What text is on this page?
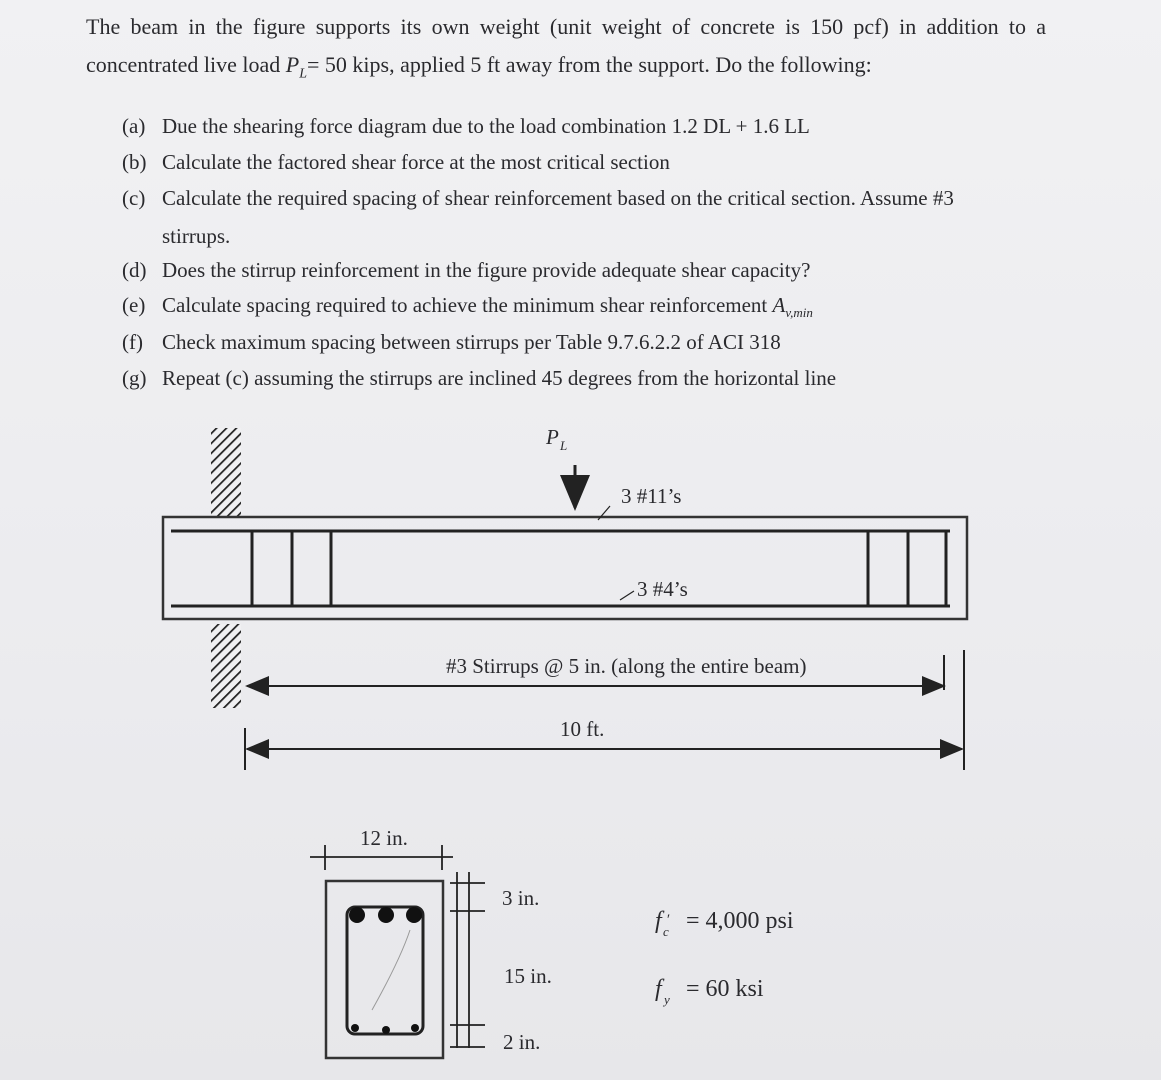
The beam in the figure supports its own weight (unit weight of concrete is 150 pcf) in addition to a concentrated live load $P_L= 50$ kips, applied 5 ft away from the support. Do the following:
(a) Due the shearing force diagram due to the load combination 1.2 DL + 1.6 LL
(b) Calculate the factored shear force at the most critical section
(c) Calculate the required spacing of shear reinforcement based on the critical section. Assume #3
stirrups.
(d) Does the stirrup reinforcement in the figure provide adequate shear capacity?
(e) Calculate spacing required to achieve the minimum shear reinforcement $A_{v,min}$
(f) Check maximum spacing between stirrups per Table 9.7.6.2.2 of ACI 318
(g) Repeat (c) assuming the stirrups are inclined 45 degrees from the horizontal line
P L
3 #11’s
3 #4’s
#3 Stirrups @ 5 in. (along the entire beam)
10 ft.
12 in.
3 in.
15 in.
2 in.
f ′
c = 4,000 psi
f y = 60 ksi
